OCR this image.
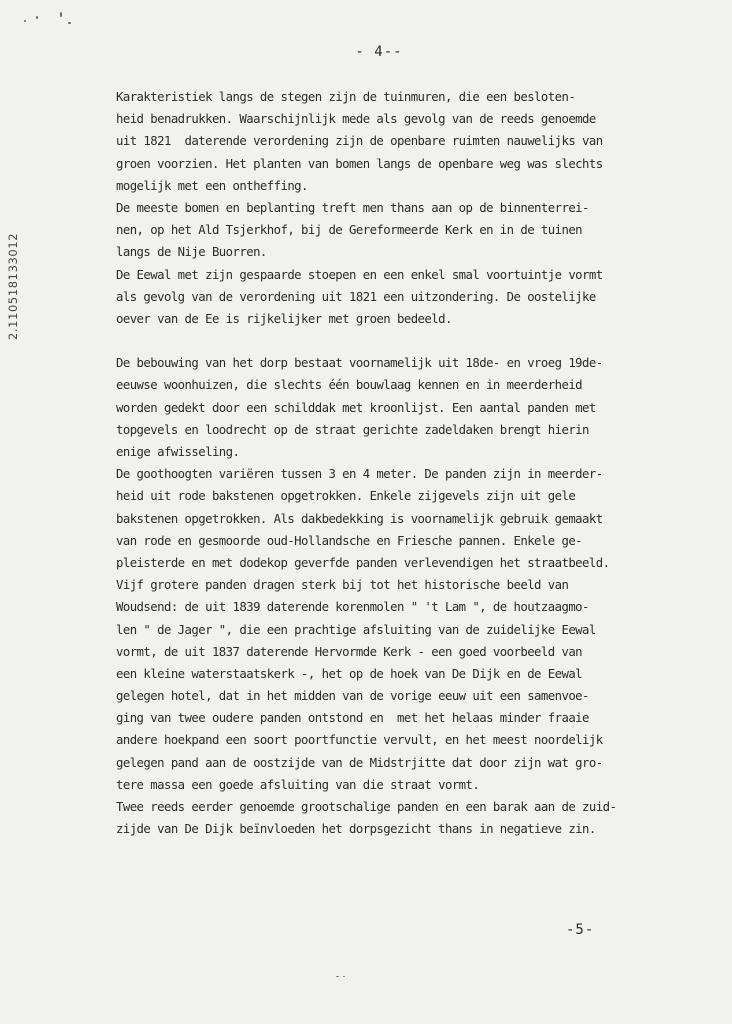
- 4--
2.110518133012
Karakteristiek langs de stegen zijn de tuinmuren, die een besloten-
heid benadrukken. Waarschijnlijk mede als gevolg van de reeds genoemde
uit 1821  daterende verordening zijn de openbare ruimten nauwelijks van
groen voorzien. Het planten van bomen langs de openbare weg was slechts
mogelijk met een ontheffing.
De meeste bomen en beplanting treft men thans aan op de binnenterrei-
nen, op het Ald Tsjerkhof, bij de Gereformeerde Kerk en in de tuinen
langs de Nije Buorren.
De Eewal met zijn gespaarde stoepen en een enkel smal voortuintje vormt
als gevolg van de verordening uit 1821 een uitzondering. De oostelijke
oever van de Ee is rijkelijker met groen bedeeld.
De bebouwing van het dorp bestaat voornamelijk uit 18de- en vroeg 19de-
eeuwse woonhuizen, die slechts één bouwlaag kennen en in meerderheid
worden gedekt door een schilddak met kroonlijst. Een aantal panden met
topgevels en loodrecht op de straat gerichte zadeldaken brengt hierin
enige afwisseling.
De goothoogten variëren tussen 3 en 4 meter. De panden zijn in meerder-
heid uit rode bakstenen opgetrokken. Enkele zijgevels zijn uit gele
bakstenen opgetrokken. Als dakbedekking is voornamelijk gebruik gemaakt
van rode en gesmoorde oud-Hollandsche en Friesche pannen. Enkele ge-
pleisterde en met dodekop geverfde panden verlevendigen het straatbeeld.
Vijf grotere panden dragen sterk bij tot het historische beeld van
Woudsend: de uit 1839 daterende korenmolen " 't Lam ", de houtzaagmo-
len " de Jager ", die een prachtige afsluiting van de zuidelijke Eewal
vormt, de uit 1837 daterende Hervormde Kerk - een goed voorbeeld van
een kleine waterstaatskerk -, het op de hoek van De Dijk en de Eewal
gelegen hotel, dat in het midden van de vorige eeuw uit een samenvoe-
ging van twee oudere panden ontstond en  met het helaas minder fraaie
andere hoekpand een soort poortfunctie vervult, en het meest noordelijk
gelegen pand aan de oostzijde van de Midstrjitte dat door zijn wat gro-
tere massa een goede afsluiting van die straat vormt.
Twee reeds eerder genoemde grootschalige panden en een barak aan de zuid-
zijde van De Dijk beïnvloeden het dorpsgezicht thans in negatieve zin.
-5-
